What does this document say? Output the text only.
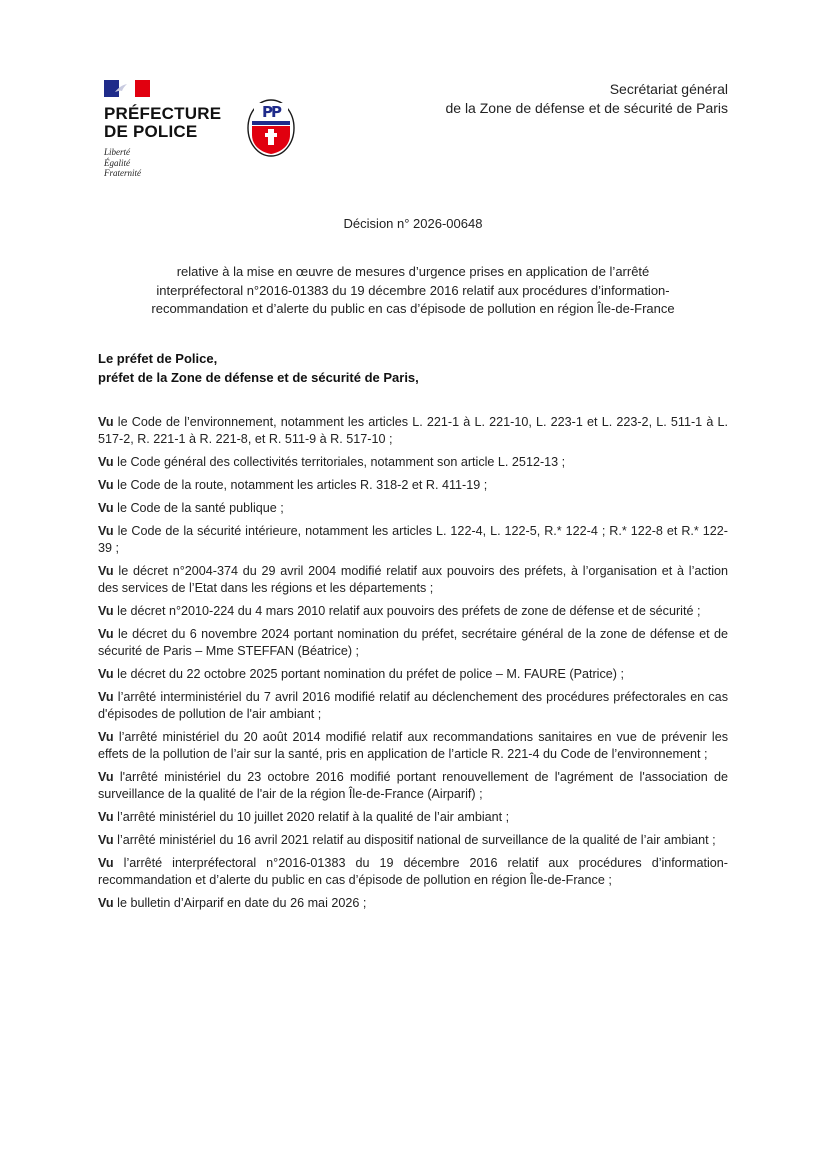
PRÉFECTURE
DE POLICE
Liberté
Égalité
Fraternité
PP
Secrétariat général
de la Zone de défense et de sécurité de Paris
Décision n° 2026-00648
relative à la mise en œuvre de mesures d’urgence prises en application de l’arrêté
interpréfectoral n°2016-01383 du 19 décembre 2016 relatif aux procédures d’information-
recommandation et d’alerte du public en cas d’épisode de pollution en région Île-de-France
Le préfet de Police,
préfet de la Zone de défense et de sécurité de Paris,

Vu le Code de l’environnement, notamment les articles L. 221-1 à L. 221-10, L. 223-1 et L. 223-2, L. 511-1 à L. 517-2, R. 221-1 à R. 221-8, et R. 511-9 à R. 517-10 ;

Vu le Code général des collectivités territoriales, notamment son article L. 2512-13 ;

Vu le Code de la route, notamment les articles R. 318-2 et R. 411-19 ;

Vu le Code de la santé publique ;

Vu le Code de la sécurité intérieure, notamment les articles L. 122-4, L. 122-5, R.* 122-4 ; R.* 122-8 et R.* 122-39 ;

Vu le décret n°2004-374 du 29 avril 2004 modifié relatif aux pouvoirs des préfets, à l’organisation et à l’action des services de l’Etat dans les régions et les départements ;

Vu le décret n°2010-224 du 4 mars 2010 relatif aux pouvoirs des préfets de zone de défense et de sécurité ;

Vu le décret du 6 novembre 2024 portant nomination du préfet, secrétaire général de la zone de défense et de sécurité de Paris – Mme STEFFAN (Béatrice) ;

Vu le décret du 22 octobre 2025 portant nomination du préfet de police – M. FAURE (Patrice) ;

Vu l’arrêté interministériel du 7 avril 2016 modifié relatif au déclenchement des procédures préfectorales en cas d'épisodes de pollution de l'air ambiant ;

Vu l’arrêté ministériel du 20 août 2014 modifié relatif aux recommandations sanitaires en vue de prévenir les effets de la pollution de l’air sur la santé, pris en application de l’article R. 221-4 du Code de l’environnement ;

Vu l'arrêté ministériel du 23 octobre 2016 modifié portant renouvellement de l'agrément de l'association de surveillance de la qualité de l'air de la région Île-de-France (Airparif) ;

Vu l’arrêté ministériel du 10 juillet 2020 relatif à la qualité de l’air ambiant ;

Vu l’arrêté ministériel du 16 avril 2021 relatif au dispositif national de surveillance de la qualité de l’air ambiant ;

Vu l’arrêté interpréfectoral n°2016-01383 du 19 décembre 2016 relatif aux procédures d’information-recommandation et d’alerte du public en cas d’épisode de pollution en région Île-de-France ;

Vu le bulletin d’Airparif en date du 26 mai 2026 ;
